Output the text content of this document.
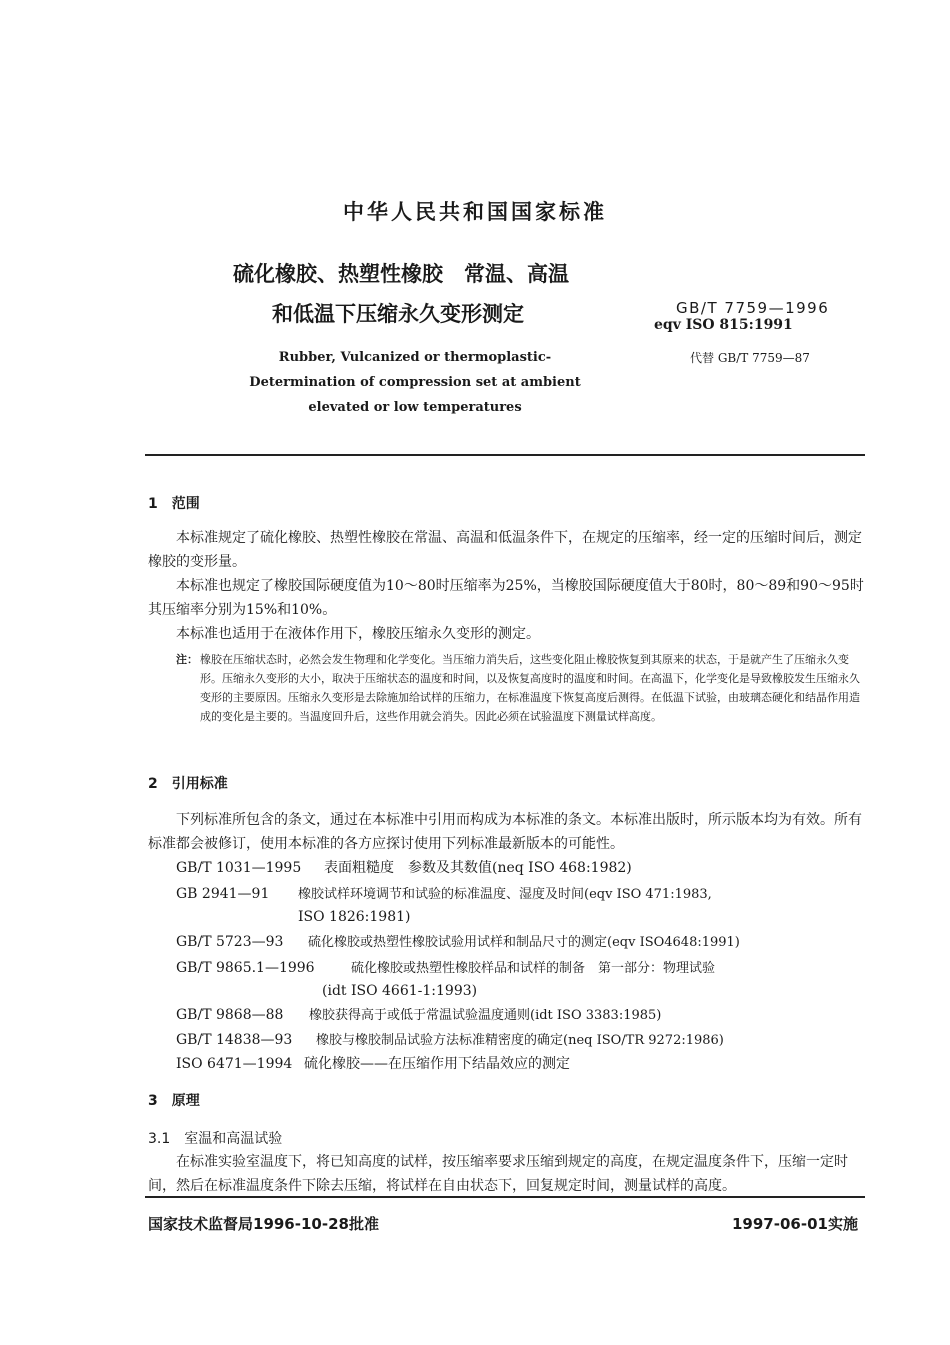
中华人民共和国国家标准
硫化橡胶、热塑性橡胶　常温、高温
和低温下压缩永久变形测定	GB/T 7759—1996
eqv ISO 815:1991
代替 GB/T 7759—87
Rubber, Vulcanized or thermoplastic-
Determination of compression set at ambient
elevated or low temperatures
1　范围
本标准规定了硫化橡胶、热塑性橡胶在常温、高温和低温条件下，在规定的压缩率，经一定的压缩时间后，测定橡胶的变形量。
本标准也规定了橡胶国际硬度值为10～80时压缩率为25%，当橡胶国际硬度值大于80时，80～89和90～95时其压缩率分别为15%和10%。
本标准也适用于在液体作用下，橡胶压缩永久变形的测定。
注： 橡胶在压缩状态时，必然会发生物理和化学变化。当压缩力消失后，这些变化阻止橡胶恢复到其原来的状态，于是就产生了压缩永久变形。压缩永久变形的大小，取决于压缩状态的温度和时间，以及恢复高度时的温度和时间。在高温下，化学变化是导致橡胶发生压缩永久变形的主要原因。压缩永久变形是去除施加给试样的压缩力，在标准温度下恢复高度后测得。在低温下试验，由玻璃态硬化和结晶作用造成的变化是主要的。当温度回升后，这些作用就会消失。因此必须在试验温度下测量试样高度。
2　引用标准
下列标准所包含的条文，通过在本标准中引用而构成为本标准的条文。本标准出版时，所示版本均为有效。所有标准都会被修订，使用本标准的各方应探讨使用下列标准最新版本的可能性。
GB/T 1031—1995 表面粗糙度　参数及其数值(neq ISO 468:1982)
GB 2941—91 橡胶试样环境调节和试验的标准温度、湿度及时间(eqv ISO 471:1983,
ISO 1826:1981)
GB/T 5723—93 硫化橡胶或热塑性橡胶试验用试样和制品尺寸的测定(eqv ISO4648:1991)
GB/T 9865.1—1996	硫化橡胶或热塑性橡胶样品和试样的制备　第一部分：物理试验
(idt ISO 4661-1:1993)
GB/T 9868—88 橡胶获得高于或低于常温试验温度通则(idt ISO 3383:1985)
GB/T 14838—93 橡胶与橡胶制品试验方法标准精密度的确定(neq ISO/TR 9272:1986)
ISO 6471—1994 硫化橡胶——在压缩作用下结晶效应的测定
3　原理
3.1　室温和高温试验
在标准实验室温度下，将已知高度的试样，按压缩率要求压缩到规定的高度，在规定温度条件下，压缩一定时间，然后在标准温度条件下除去压缩，将试样在自由状态下，回复规定时间，测量试样的高度。
国家技术监督局1996-10-28批准	1997-06-01实施
